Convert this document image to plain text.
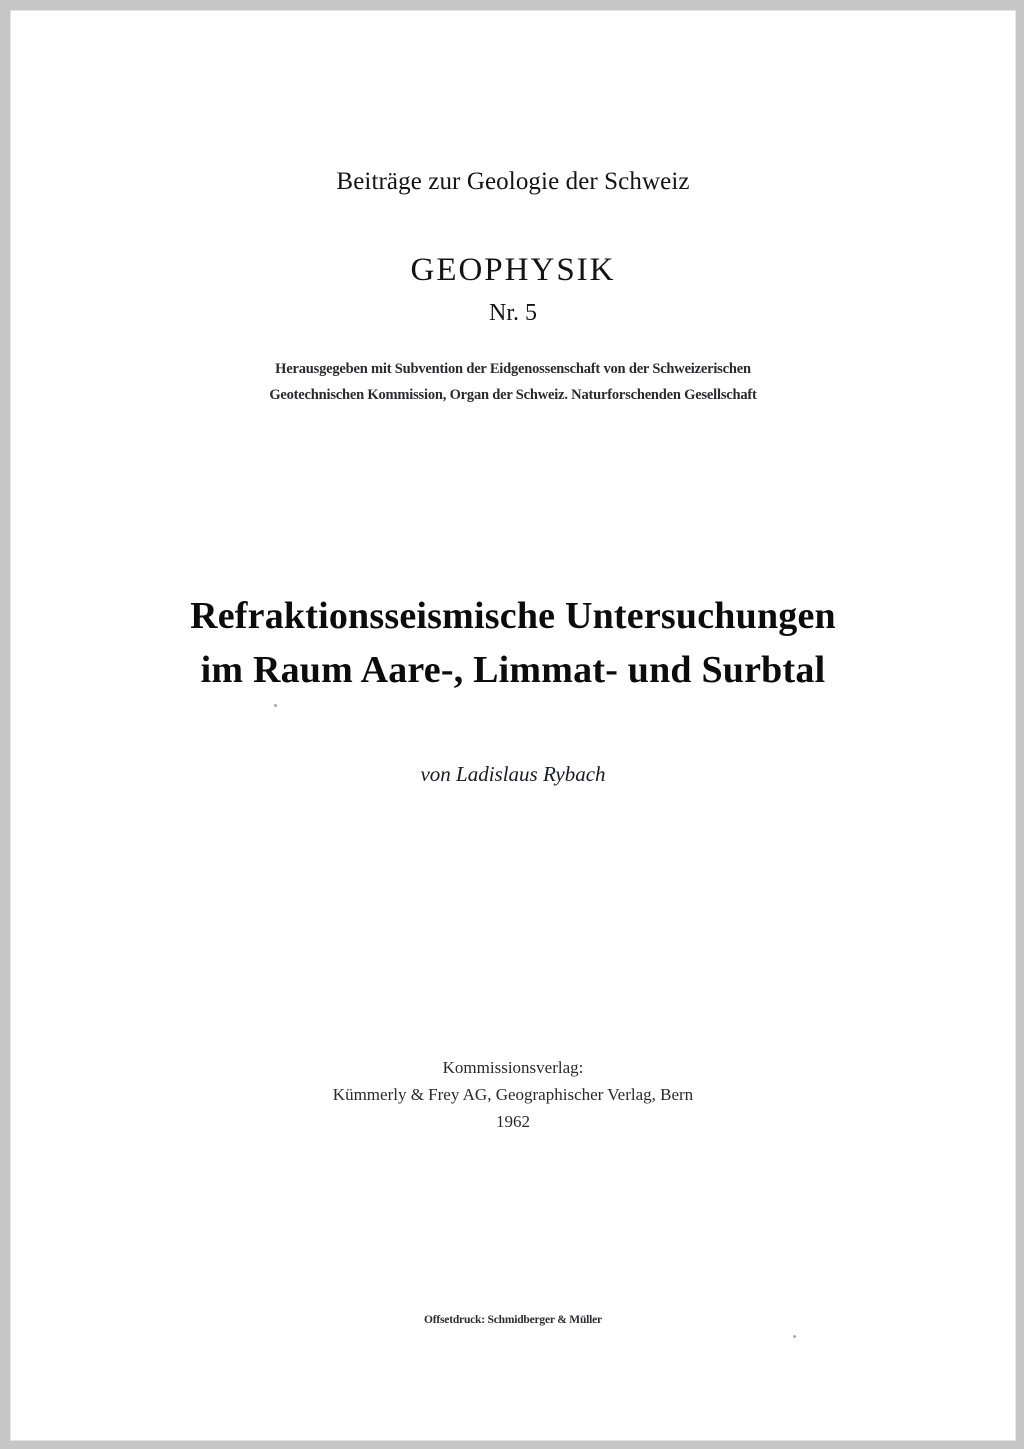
Beiträge zur Geologie der Schweiz
GEOPHYSIK
Nr. 5
Herausgegeben mit Subvention der Eidgenossenschaft von der Schweizerischen
Geotechnischen Kommission, Organ der Schweiz. Naturforschenden Gesellschaft
Refraktionsseismische Untersuchungen
im Raum Aare-, Limmat- und Surbtal
von Ladislaus Rybach
Kommissionsverlag:
Kümmerly & Frey AG, Geographischer Verlag, Bern
1962
Offsetdruck: Schmidberger & Müller
